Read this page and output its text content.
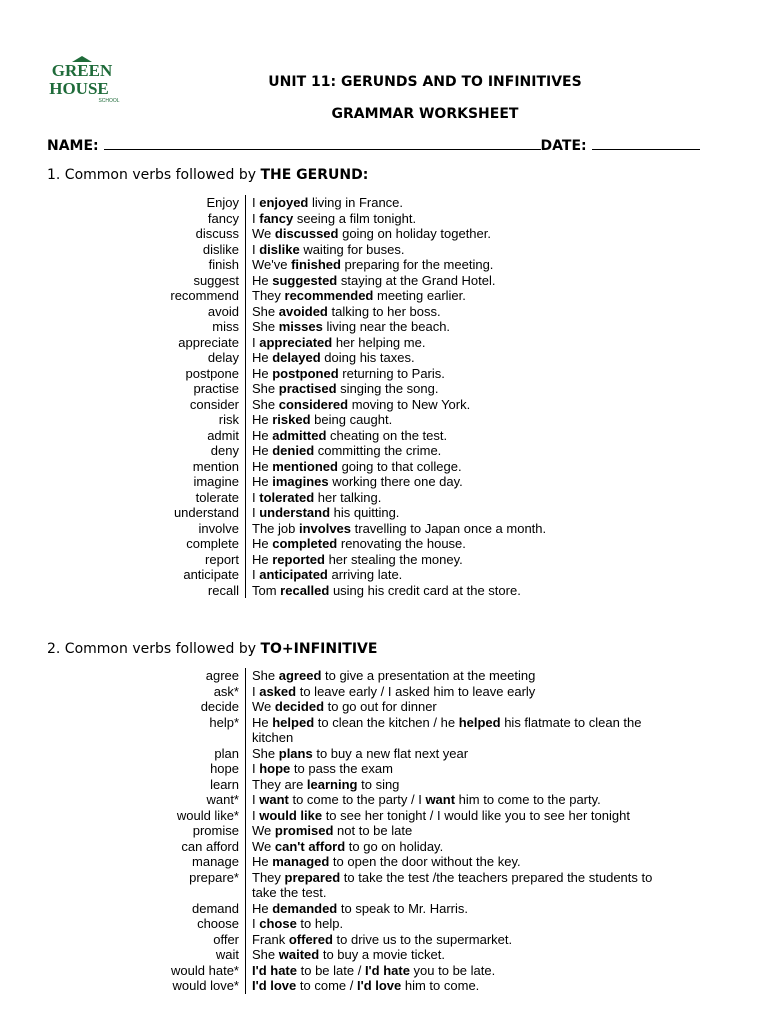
GREEN
HOUSE
SCHOOL
UNIT 11: GERUNDS AND TO INFINITIVES
GRAMMAR WORKSHEET
NAME:	DATE:
1. Common verbs followed by THE GERUND:
Enjoy	I enjoyed living in France.
fancy	I fancy seeing a film tonight.
discuss	We discussed going on holiday together.
dislike	I dislike waiting for buses.
finish	We've finished preparing for the meeting.
suggest	He suggested staying at the Grand Hotel.
recommend	They recommended meeting earlier.
avoid	She avoided talking to her boss.
miss	She misses living near the beach.
appreciate	I appreciated her helping me.
delay	He delayed doing his taxes.
postpone	He postponed returning to Paris.
practise	She practised singing the song.
consider	She considered moving to New York.
risk	He risked being caught.
admit	He admitted cheating on the test.
deny	He denied committing the crime.
mention	He mentioned going to that college.
imagine	He imagines working there one day.
tolerate	I tolerated her talking.
understand	I understand his quitting.
involve	The job involves travelling to Japan once a month.
complete	He completed renovating the house.
report	He reported her stealing the money.
anticipate	I anticipated arriving late.
recall	Tom recalled using his credit card at the store.
2. Common verbs followed by TO+INFINITIVE
agree	She agreed to give a presentation at the meeting
ask*	I asked to leave early / I asked him to leave early
decide	We decided to go out for dinner
help*	He helped to clean the kitchen / he helped his flatmate to clean the
kitchen
plan	She plans to buy a new flat next year
hope	I hope to pass the exam
learn	They are learning to sing
want*	I want to come to the party / I want him to come to the party.
would like*	I would like to see her tonight / I would like you to see her tonight
promise	We promised not to be late
can afford	We can't afford to go on holiday.
manage	He managed to open the door without the key.
prepare*	They prepared to take the test /the teachers prepared the students to
take the test.
demand	He demanded to speak to Mr. Harris.
choose	I chose to help.
offer	Frank offered to drive us to the supermarket.
wait	She waited to buy a movie ticket.
would hate*	I'd hate to be late / I'd hate you to be late.
would love*	I'd love to come / I'd love him to come.
